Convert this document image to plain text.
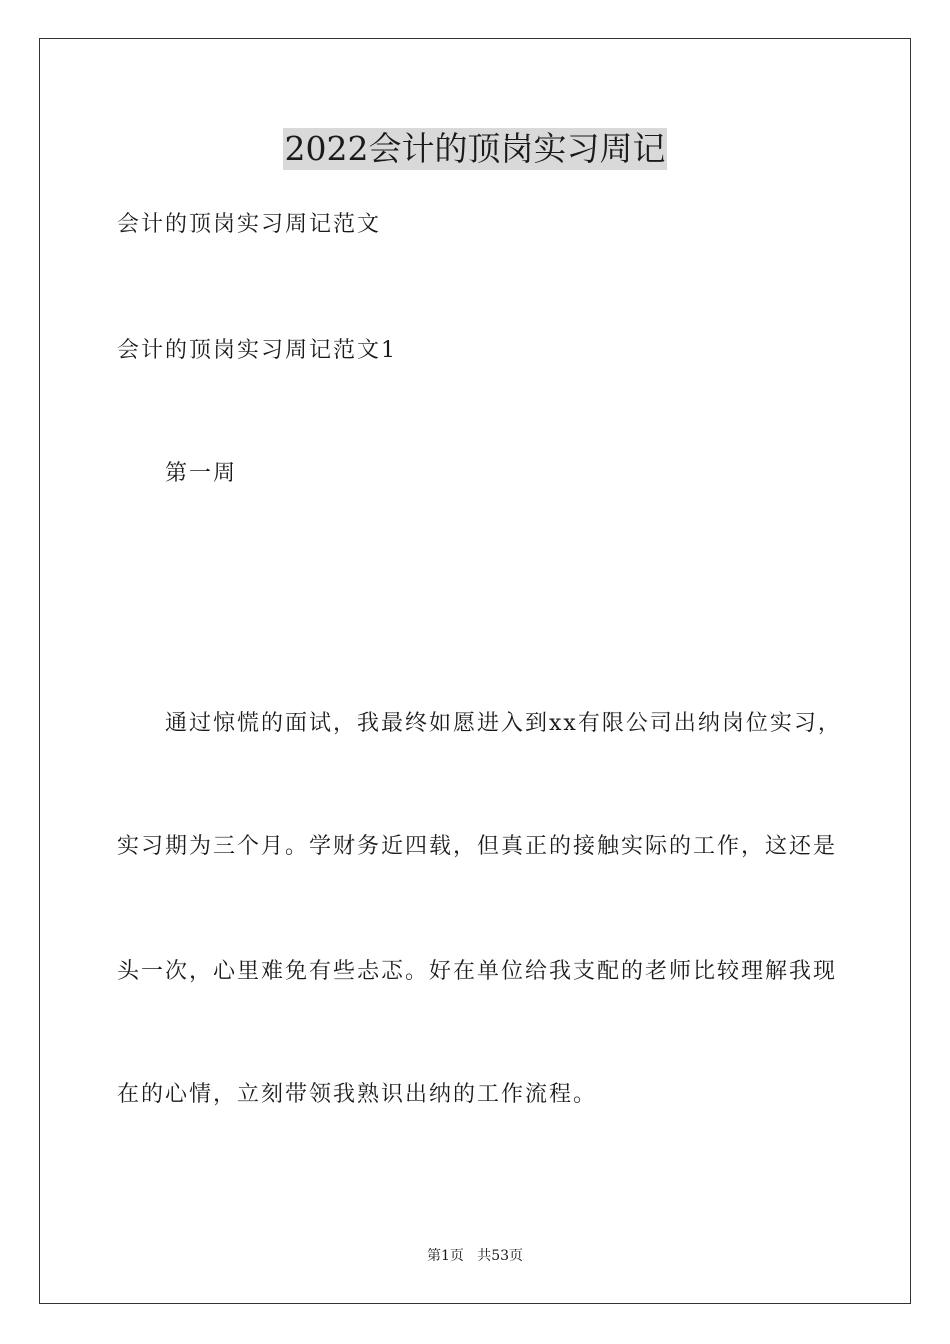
2022会计的顶岗实习周记
会计的顶岗实习周记范文
会计的顶岗实习周记范文1
第一周
通过惊慌的面试，我最终如愿进入到xx有限公司出纳岗位实习，
实习期为三个月。学财务近四载，但真正的接触实际的工作，这还是
头一次，心里难免有些忐忑。好在单位给我支配的老师比较理解我现
在的心情，立刻带领我熟识出纳的工作流程。
第1页   共53页
